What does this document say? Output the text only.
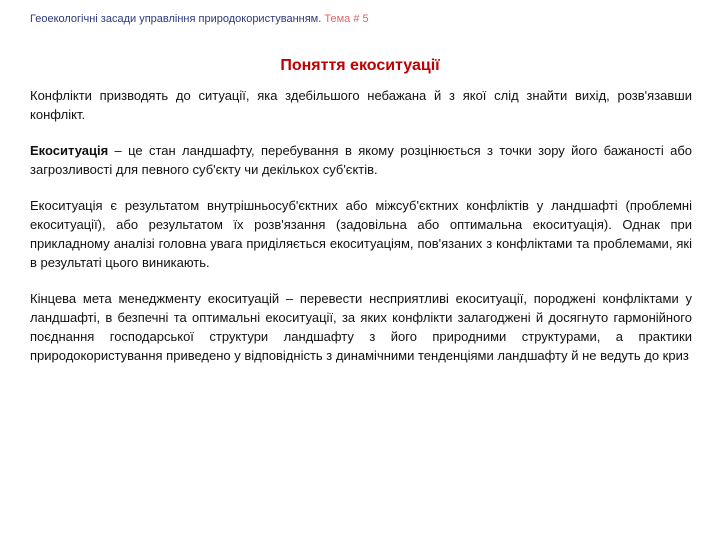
Геоекологічні засади управління природокористуванням. Тема # 5
Поняття екоситуації

Конфлікти призводять до ситуації, яка здебільшого небажана й з якої слід знайти вихід, розв'язавши конфлікт.

Екоситуація – це стан ландшафту, перебування в якому розцінюється з точки зору його бажаності або загрозливості для певного суб'єкту чи декількох суб'єктів.

Екоситуація є результатом внутрішньосуб'єктних або міжсуб'єктних конфліктів у ландшафті (проблемні екоситуації), або результатом їх розв'язання (задовільна або оптимальна екоситуація). Однак при прикладному аналізі головна увага приділяється екоситуаціям, пов'язаних з конфліктами та проблемами, які в результаті цього виникають.

Кінцева мета менеджменту екоситуацій – перевести несприятливі екоситуації, породжені конфліктами у ландшафті, в безпечні та оптимальні екоситуації, за яких конфлікти залагоджені й досягнуто гармонійного поєднання господарської структури ландшафту з його природними структурами, а практики природокористування приведено у відповідність з динамічними тенденціями ландшафту й не ведуть до криз
